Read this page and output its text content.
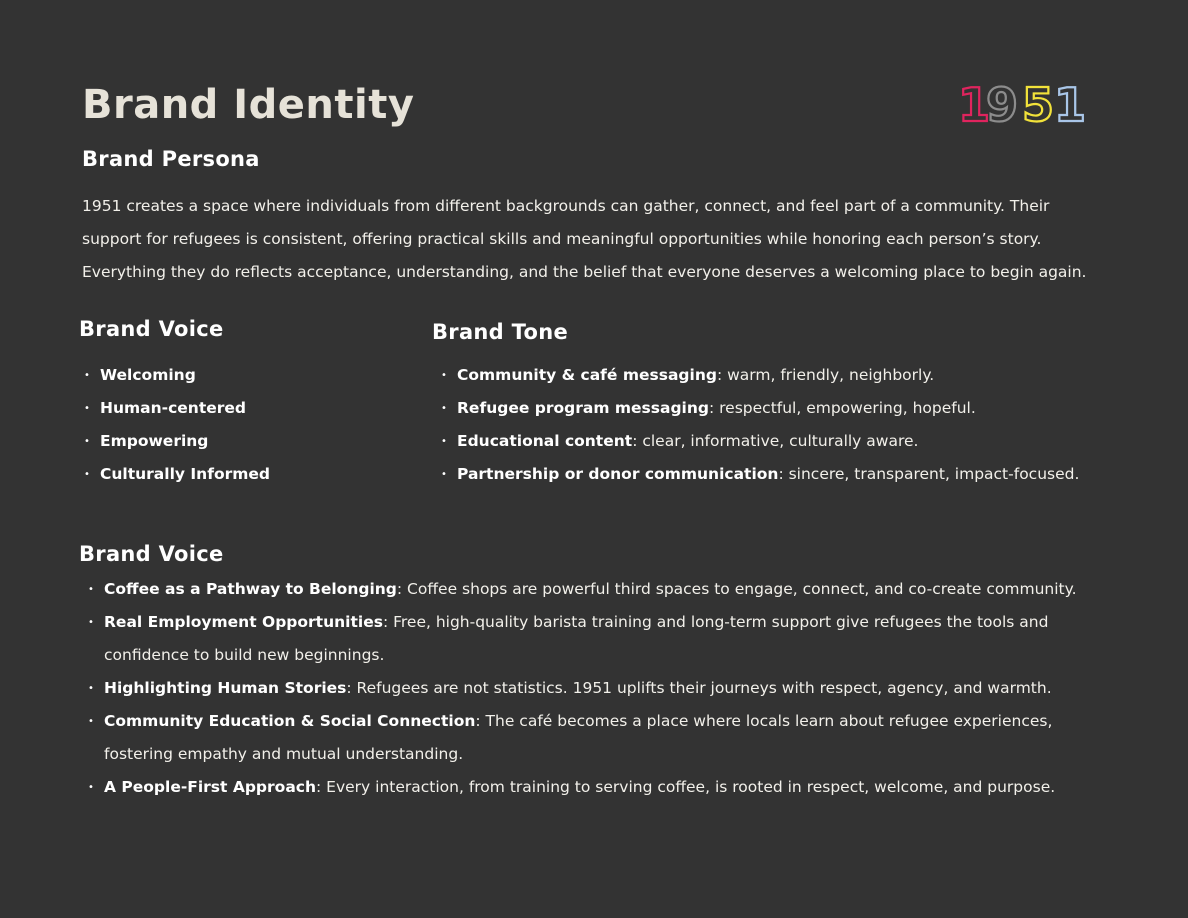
Brand Identity	1
9 5 1
Brand Persona

1951 creates a space where individuals from different backgrounds can gather, connect, and feel part of a community. Their support for refugees is consistent, offering practical skills and meaningful opportunities while honoring each person’s story. Everything they do reflects acceptance, understanding, and the belief that everyone deserves a welcoming place to begin again.

Brand Voice
• Welcoming
• Human-centered
• Empowering
• Culturally Informed
Brand Tone
• Community & café messaging: warm, friendly, neighborly.
• Refugee program messaging: respectful, empowering, hopeful.
• Educational content: clear, informative, culturally aware.
• Partnership or donor communication: sincere, transparent, impact-focused.
Brand Voice
• Coffee as a Pathway to Belonging: Coffee shops are powerful third spaces to engage, connect, and co-create community.
• Real Employment Opportunities: Free, high-quality barista training and long-term support give refugees the tools and confidence to build new beginnings.
• Highlighting Human Stories: Refugees are not statistics. 1951 uplifts their journeys with respect, agency, and warmth.
• Community Education & Social Connection: The café becomes a place where locals learn about refugee experiences, fostering empathy and mutual understanding.
• A People-First Approach: Every interaction, from training to serving coffee, is rooted in respect, welcome, and purpose.
